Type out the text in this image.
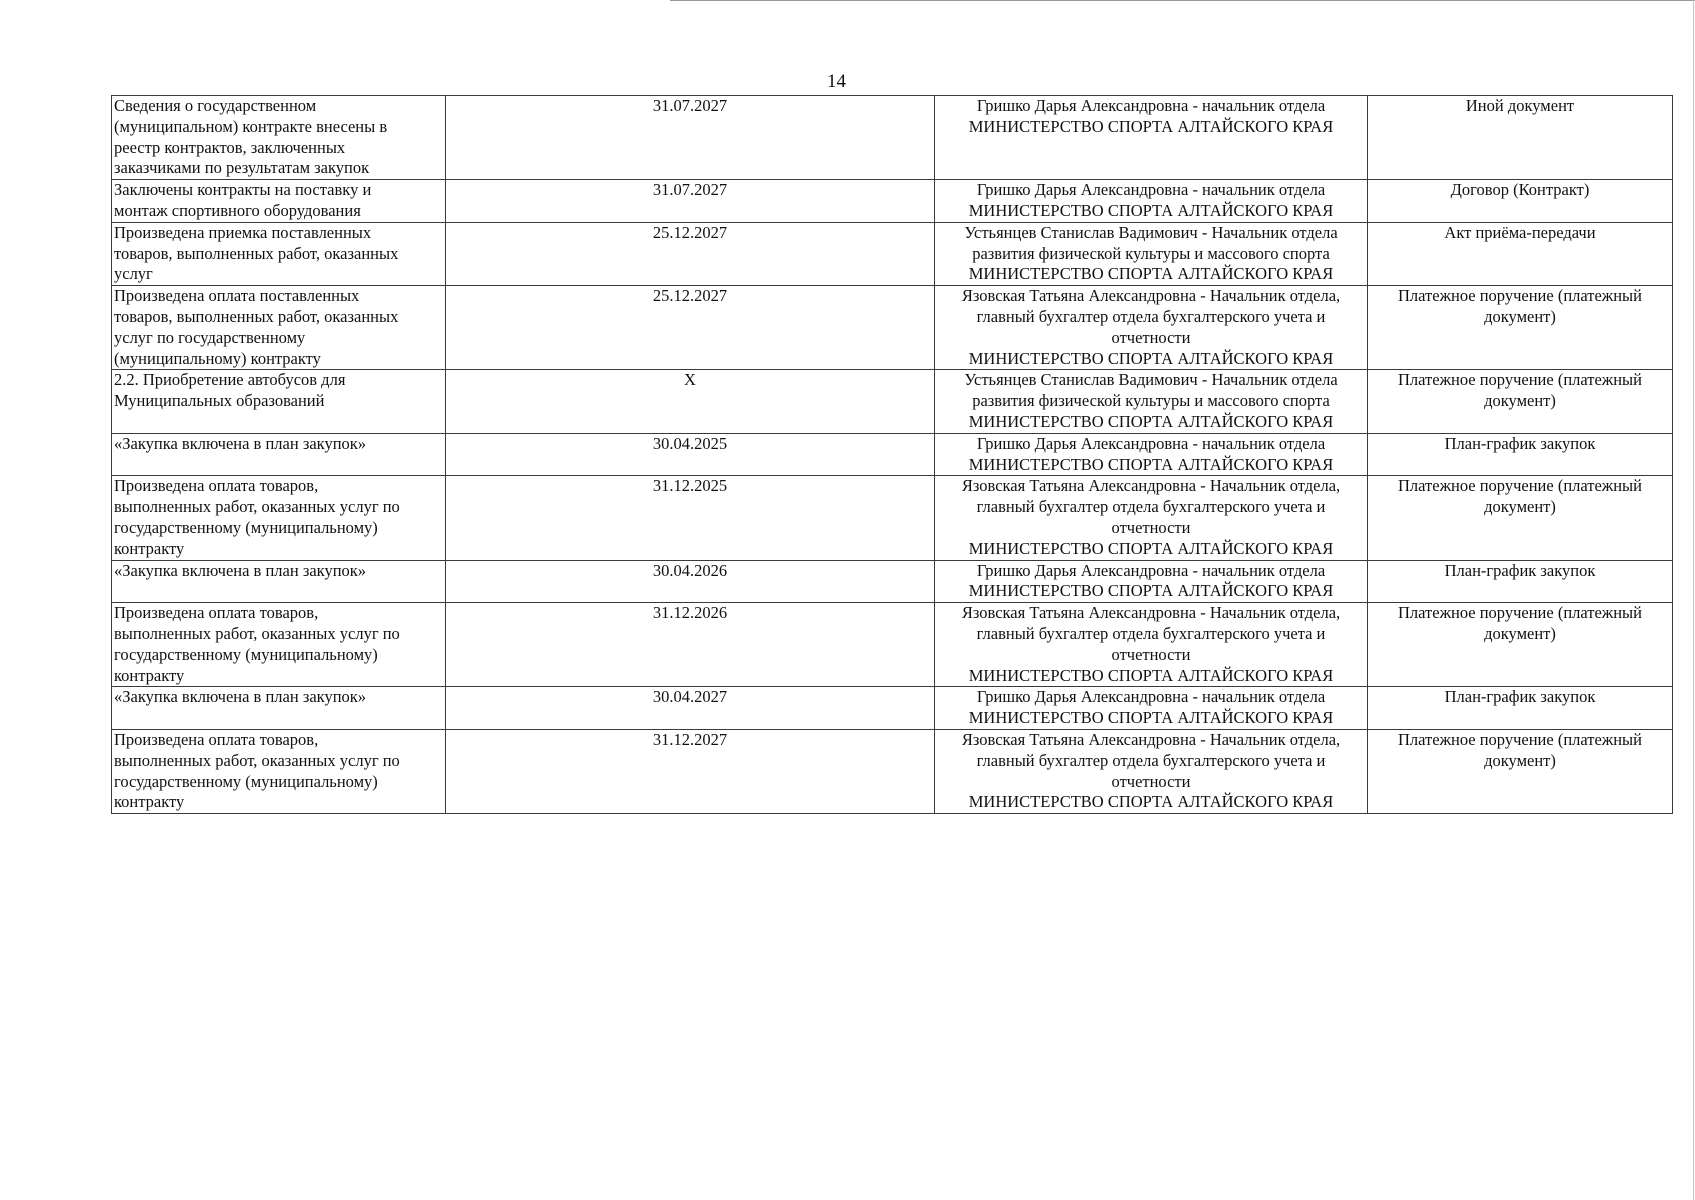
14
Сведения о государственном
(муниципальном) контракте внесены в
реестр контрактов, заключенных
заказчиками по результатам закупок	31.07.2027	Гришко Дарья Александровна - начальник отдела
МИНИСТЕРСТВО СПОРТА АЛТАЙСКОГО КРАЯ	Иной документ

Заключены контракты на поставку и
монтаж спортивного оборудования	31.07.2027	Гришко Дарья Александровна - начальник отдела
МИНИСТЕРСТВО СПОРТА АЛТАЙСКОГО КРАЯ	Договор (Контракт)

Произведена приемка поставленных
товаров, выполненных работ, оказанных
услуг	25.12.2027	Устьянцев Станислав Вадимович - Начальник отдела
развития физической культуры и массового спорта
МИНИСТЕРСТВО СПОРТА АЛТАЙСКОГО КРАЯ	Акт приёма-передачи

Произведена оплата поставленных
товаров, выполненных работ, оказанных
услуг по государственному
(муниципальному) контракту	25.12.2027	Язовская Татьяна Александровна - Начальник отдела,
главный бухгалтер отдела бухгалтерского учета и
отчетности
МИНИСТЕРСТВО СПОРТА АЛТАЙСКОГО КРАЯ	Платежное поручение (платежный
документ)

2.2. Приобретение автобусов для
Муниципальных образований	X	Устьянцев Станислав Вадимович - Начальник отдела
развития физической культуры и массового спорта
МИНИСТЕРСТВО СПОРТА АЛТАЙСКОГО КРАЯ	Платежное поручение (платежный
документ)

«Закупка включена в план закупок»	30.04.2025	Гришко Дарья Александровна - начальник отдела
МИНИСТЕРСТВО СПОРТА АЛТАЙСКОГО КРАЯ	План-график закупок

Произведена оплата товаров,
выполненных работ, оказанных услуг по
государственному (муниципальному)
контракту	31.12.2025	Язовская Татьяна Александровна - Начальник отдела,
главный бухгалтер отдела бухгалтерского учета и
отчетности
МИНИСТЕРСТВО СПОРТА АЛТАЙСКОГО КРАЯ	Платежное поручение (платежный
документ)

«Закупка включена в план закупок»	30.04.2026	Гришко Дарья Александровна - начальник отдела
МИНИСТЕРСТВО СПОРТА АЛТАЙСКОГО КРАЯ	План-график закупок

Произведена оплата товаров,
выполненных работ, оказанных услуг по
государственному (муниципальному)
контракту	31.12.2026	Язовская Татьяна Александровна - Начальник отдела,
главный бухгалтер отдела бухгалтерского учета и
отчетности
МИНИСТЕРСТВО СПОРТА АЛТАЙСКОГО КРАЯ	Платежное поручение (платежный
документ)

«Закупка включена в план закупок»	30.04.2027	Гришко Дарья Александровна - начальник отдела
МИНИСТЕРСТВО СПОРТА АЛТАЙСКОГО КРАЯ	План-график закупок

Произведена оплата товаров,
выполненных работ, оказанных услуг по
государственному (муниципальному)
контракту	31.12.2027	Язовская Татьяна Александровна - Начальник отдела,
главный бухгалтер отдела бухгалтерского учета и
отчетности
МИНИСТЕРСТВО СПОРТА АЛТАЙСКОГО КРАЯ	Платежное поручение (платежный
документ)
